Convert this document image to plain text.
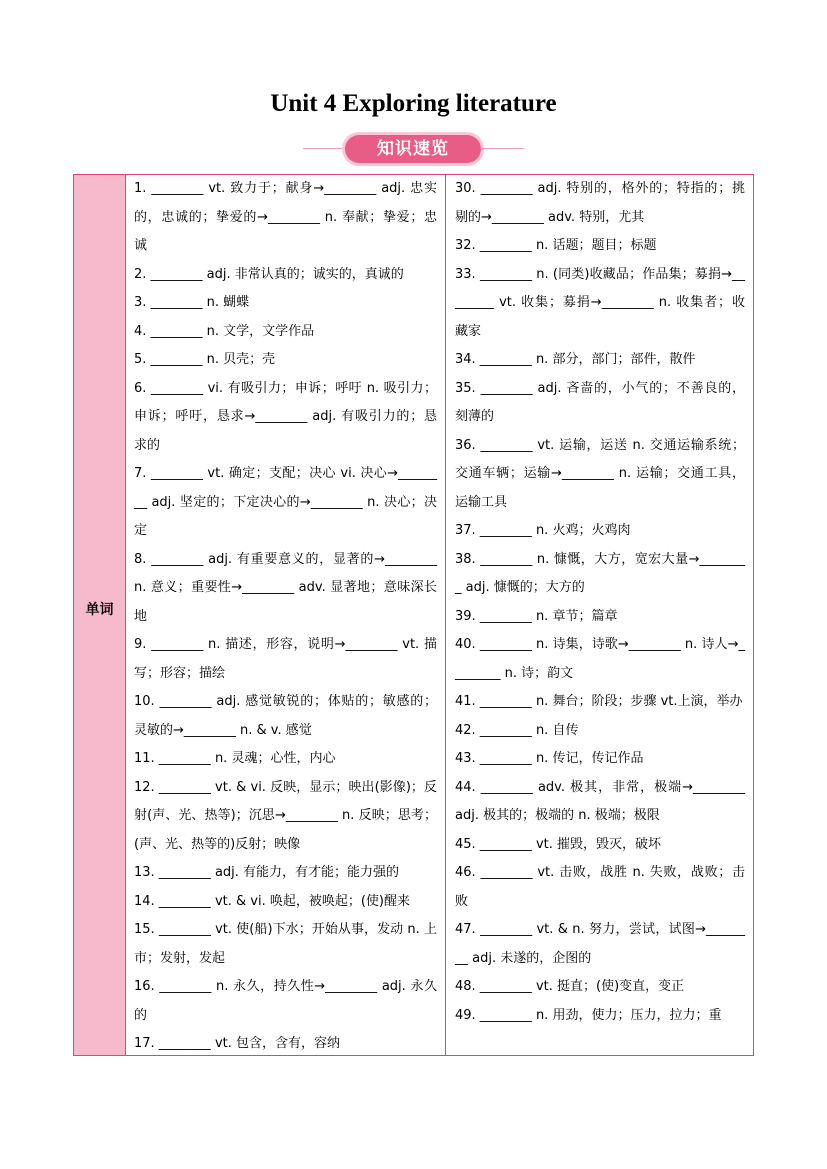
Unit 4 Exploring literature
知识速览
单词

1. ________ vt. 致力于；献身→________ adj. 忠实的，忠诚的；挚爱的→________ n. 奉献；挚爱；忠诚

2. ________ adj. 非常认真的；诚实的，真诚的

3. ________ n. 蝴蝶

4. ________ n. 文学，文学作品

5. ________ n. 贝壳；壳

6. ________ vi. 有吸引力；申诉；呼吁 n. 吸引力；申诉；呼吁，恳求→________ adj. 有吸引力的；恳求的

7. ________ vt. 确定；支配；决心 vi. 决心→________ adj. 坚定的；下定决心的→________ n. 决心；决定

8. ________ adj. 有重要意义的，显著的→________ n. 意义；重要性→________ adv. 显著地；意味深长地

9. ________ n. 描述，形容，说明→________ vt. 描写；形容；描绘

10. ________ adj. 感觉敏锐的；体贴的；敏感的；灵敏的→________ n. & v. 感觉

11. ________ n. 灵魂；心性，内心

12. ________ vt. & vi. 反映，显示；映出(影像)；反射(声、光、热等)；沉思→________ n. 反映；思考；(声、光、热等的)反射；映像

13. ________ adj. 有能力，有才能；能力强的

14. ________ vt. & vi. 唤起，被唤起；(使)醒来

15. ________ vt. 使(船)下水；开始从事，发动 n. 上市；发射，发起

16. ________ n. 永久，持久性→________ adj. 永久的

17. ________ vt. 包含，含有，容纳

30. ________ adj. 特别的，格外的；特指的；挑剔的→________ adv. 特别，尤其

32. ________ n. 话题；题目；标题

33. ________ n. (同类)收藏品；作品集；募捐→________ vt. 收集；募捐→________ n. 收集者；收藏家

34. ________ n. 部分，部门；部件，散件

35. ________ adj. 吝啬的，小气的；不善良的，刻薄的

36. ________ vt. 运输，运送 n. 交通运输系统；交通车辆；运输→________ n. 运输；交通工具，运输工具

37. ________ n. 火鸡；火鸡肉

38. ________ n. 慷慨，大方，宽宏大量→________ adj. 慷慨的；大方的

39. ________ n. 章节；篇章

40. ________ n. 诗集，诗歌→________ n. 诗人→________ n. 诗；韵文

41. ________ n. 舞台；阶段；步骤 vt.上演，举办

42. ________ n. 自传

43. ________ n. 传记，传记作品

44. ________ adv. 极其，非常，极端→________ adj. 极其的；极端的 n. 极端；极限

45. ________ vt. 摧毁，毁灭，破坏

46. ________ vt. 击败，战胜 n. 失败，战败；击败

47. ________ vt. & n. 努力，尝试，试图→________ adj. 未遂的，企图的

48. ________ vt. 挺直；(使)变直，变正

49. ________ n. 用劲，使力；压力，拉力；重
